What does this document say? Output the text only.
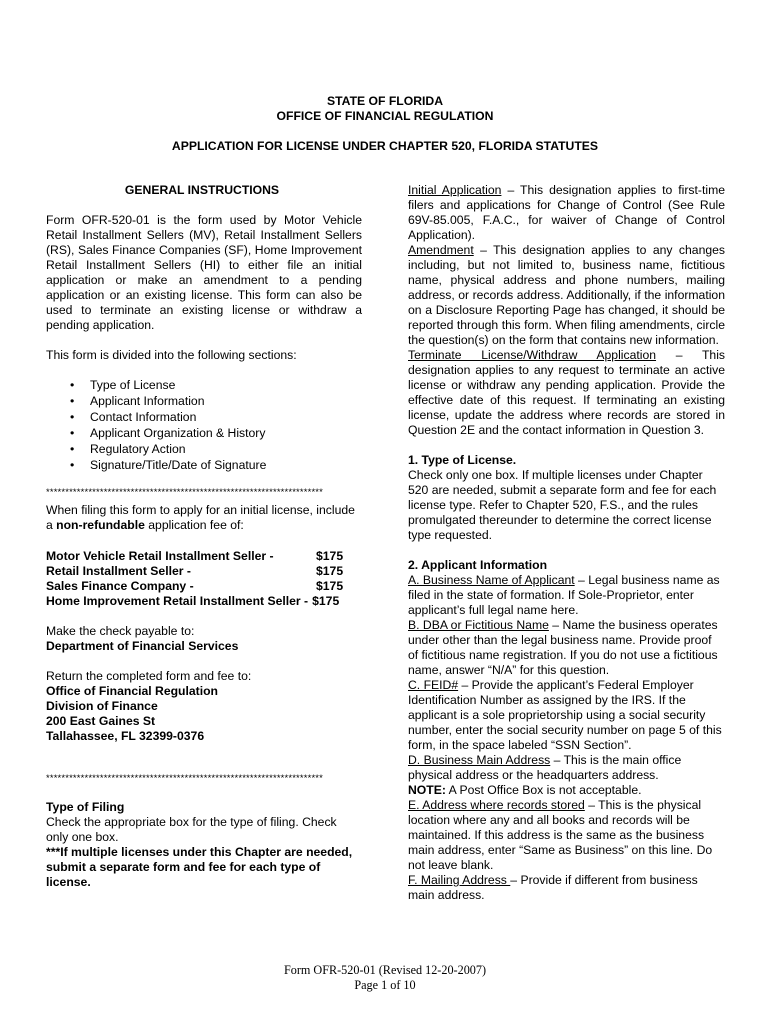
STATE OF FLORIDA
OFFICE OF FINANCIAL REGULATION
APPLICATION FOR LICENSE UNDER CHAPTER 520, FLORIDA STATUTES

GENERAL INSTRUCTIONS

Form OFR-520-01 is the form used by Motor Vehicle Retail Installment Sellers (MV), Retail Installment Sellers (RS), Sales Finance Companies (SF), Home Improvement Retail Installment Sellers (HI) to either file an initial application or make an amendment to a pending application or an existing license. This form can also be used to terminate an existing license or withdraw a pending application.

This form is divided into the following sections:

• Type of License
• Applicant Information
• Contact Information
• Applicant Organization & History
• Regulatory Action
• Signature/Title/Date of Signature
************************************************************************

When filing this form to apply for an initial license, include a non-refundable application fee of:

Motor Vehicle Retail Installment Seller -	$175
Retail Installment Seller -	$175
Sales Finance Company -	$175
Home Improvement Retail Installment Seller - $175

Make the check payable to:

Department of Financial Services

Return the completed form and fee to:

Office of Financial Regulation

Division of Finance

200 East Gaines St

Tallahassee, FL 32399-0376

************************************************************************

Type of Filing

Check the appropriate box for the type of filing. Check only one box.

***If multiple licenses under this Chapter are needed, submit a separate form and fee for each type of license.

Initial Application – This designation applies to first-time filers and applications for Change of Control (See Rule 69V-85.005, F.A.C., for waiver of Change of Control Application).

Amendment – This designation applies to any changes including, but not limited to, business name, fictitious name, physical address and phone numbers, mailing address, or records address. Additionally, if the information on a Disclosure Reporting Page has changed, it should be reported through this form. When filing amendments, circle the question(s) on the form that contains new information.

Terminate License/Withdraw Application – This designation applies to any request to terminate an active license or withdraw any pending application. Provide the effective date of this request. If terminating an existing license, update the address where records are stored in Question 2E and the contact information in Question 3.

1. Type of License.

Check only one box. If multiple licenses under Chapter 520 are needed, submit a separate form and fee for each license type. Refer to Chapter 520, F.S., and the rules promulgated thereunder to determine the correct license type requested.

2. Applicant Information

A. Business Name of Applicant – Legal business name as filed in the state of formation. If Sole-Proprietor, enter applicant’s full legal name here.

B. DBA or Fictitious Name – Name the business operates under other than the legal business name. Provide proof of fictitious name registration. If you do not use a fictitious name, answer “N/A” for this question.

C. FEID# – Provide the applicant’s Federal Employer Identification Number as assigned by the IRS. If the applicant is a sole proprietorship using a social security number, enter the social security number on page 5 of this form, in the space labeled “SSN Section”.

D. Business Main Address – This is the main office physical address or the headquarters address.

NOTE: A Post Office Box is not acceptable.

E. Address where records stored – This is the physical location where any and all books and records will be maintained. If this address is the same as the business main address, enter “Same as Business” on this line. Do not leave blank.

F. Mailing Address – Provide if different from business main address.

Form OFR-520-01 (Revised 12-20-2007)
Page 1 of 10
